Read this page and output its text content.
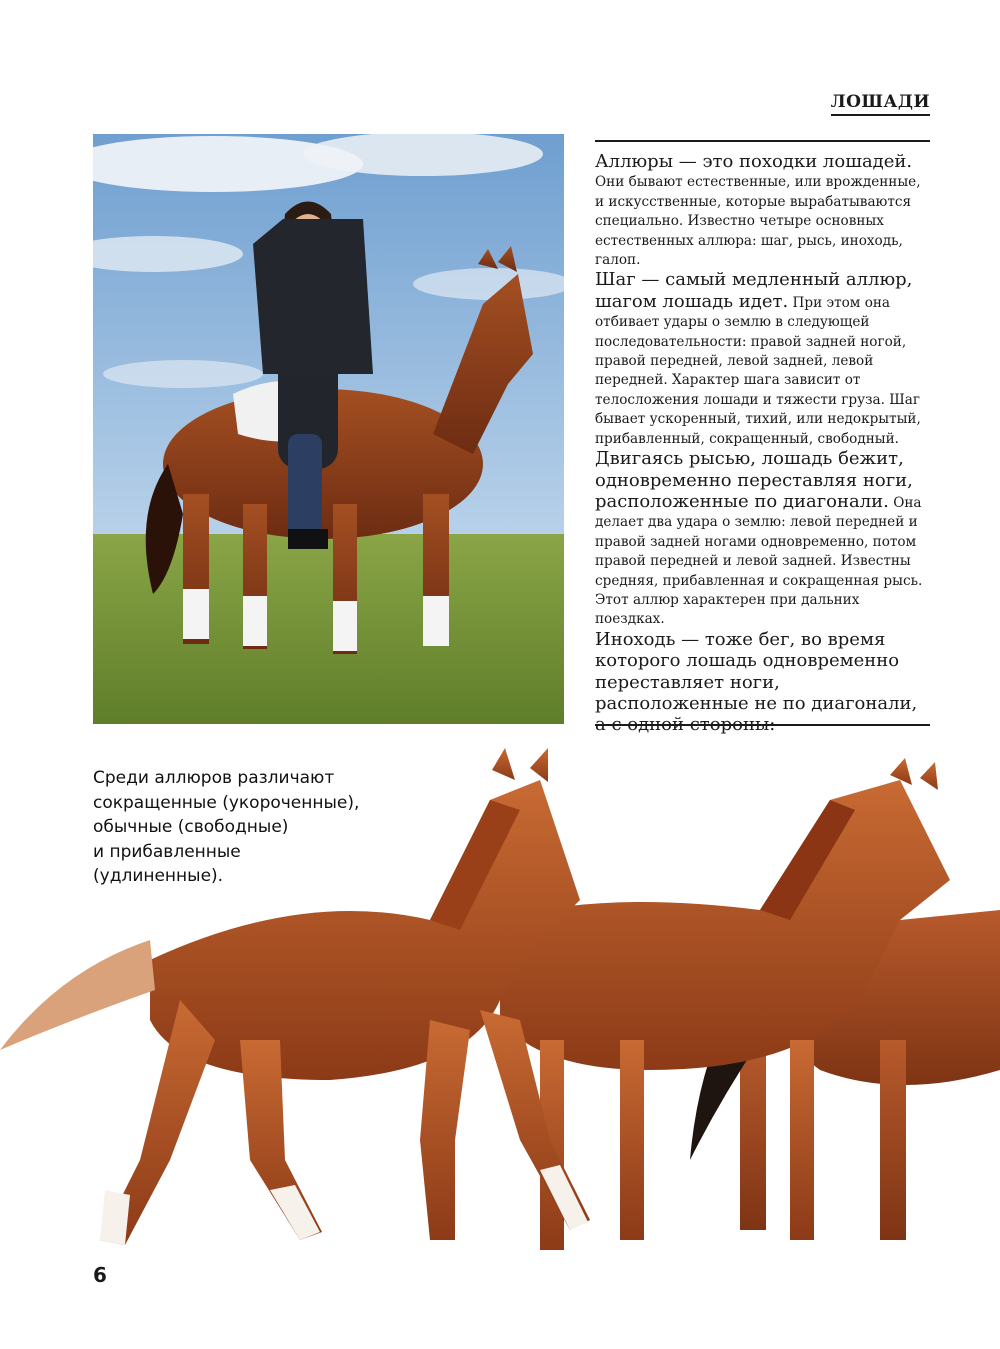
ЛОШАДИ

Аллюры — это походки лошадей. Они бывают естественные, или врожденные, и искусственные, которые вырабатываются специально. Известно четыре основных естественных аллюра: шаг, рысь, иноходь, галоп.

Шаг — самый медленный аллюр, шагом лошадь идет. При этом она отбивает удары о землю в следующей последовательности: правой задней ногой, правой передней, левой задней, левой передней. Характер шага зависит от телосложения лошади и тяжести груза. Шаг бывает ускоренный, тихий, или недокрытый, прибавленный, сокращенный, свободный.

Двигаясь рысью, лошадь бежит, одновременно переставляя ноги, расположенные по диагонали. Она делает два удара о землю: левой передней и правой задней ногами одновременно, потом правой передней и левой задней. Известны средняя, прибавленная и сокращенная рысь. Этот аллюр характерен при дальних поездках.

Иноходь — тоже бег, во время которого лошадь одновременно переставляет ноги, расположенные не по диагонали, а с одной стороны:

Среди аллюров различают
сокращенные (укороченные),
обычные (свободные)
и прибавленные
(удлиненные).
6
